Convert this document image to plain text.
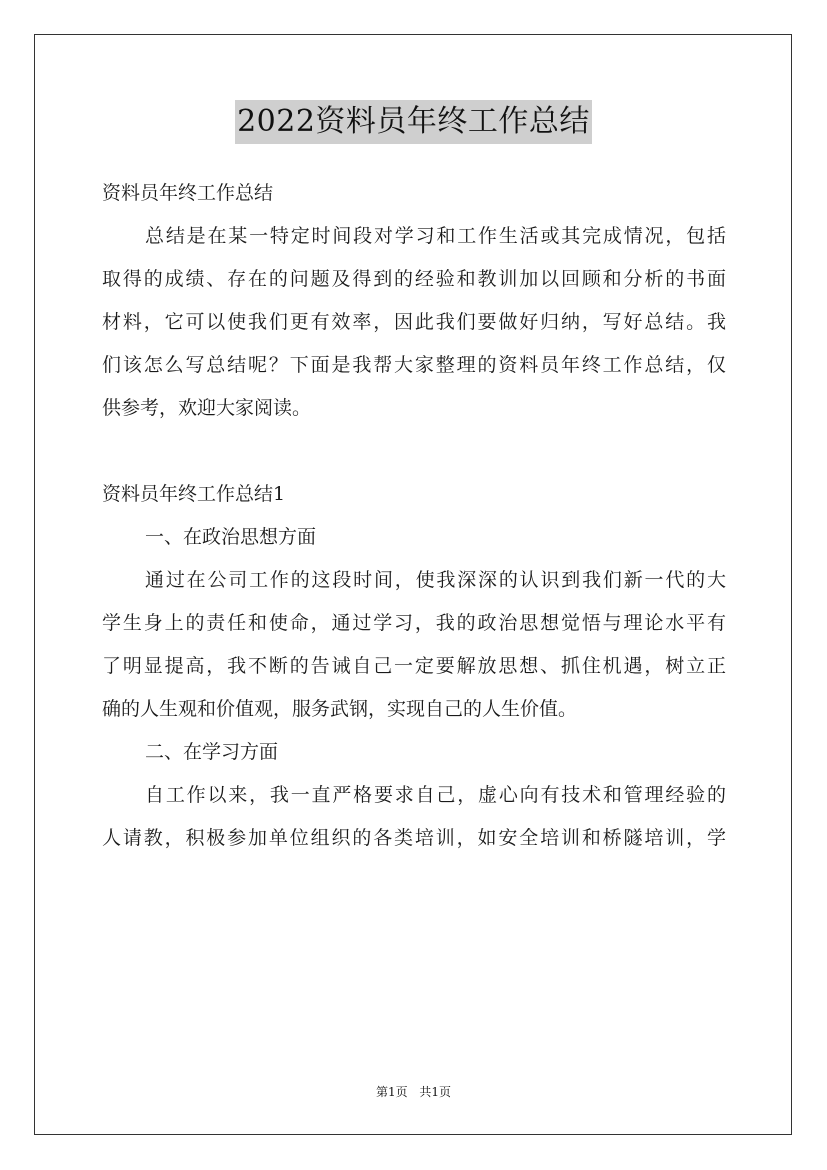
2022资料员年终工作总结
资料员年终工作总结
总结是在某一特定时间段对学习和工作生活或其完成情况，包括
取得的成绩、存在的问题及得到的经验和教训加以回顾和分析的书面
材料，它可以使我们更有效率，因此我们要做好归纳，写好总结。我
们该怎么写总结呢？下面是我帮大家整理的资料员年终工作总结，仅
供参考，欢迎大家阅读。
资料员年终工作总结1
一、在政治思想方面
通过在公司工作的这段时间，使我深深的认识到我们新一代的大
学生身上的责任和使命，通过学习，我的政治思想觉悟与理论水平有
了明显提高，我不断的告诫自己一定要解放思想、抓住机遇，树立正
确的人生观和价值观，服务武钢，实现自己的人生价值。
二、在学习方面
自工作以来，我一直严格要求自己，虚心向有技术和管理经验的
人请教，积极参加单位组织的各类培训，如安全培训和桥隧培训，学
第1页 共1页
